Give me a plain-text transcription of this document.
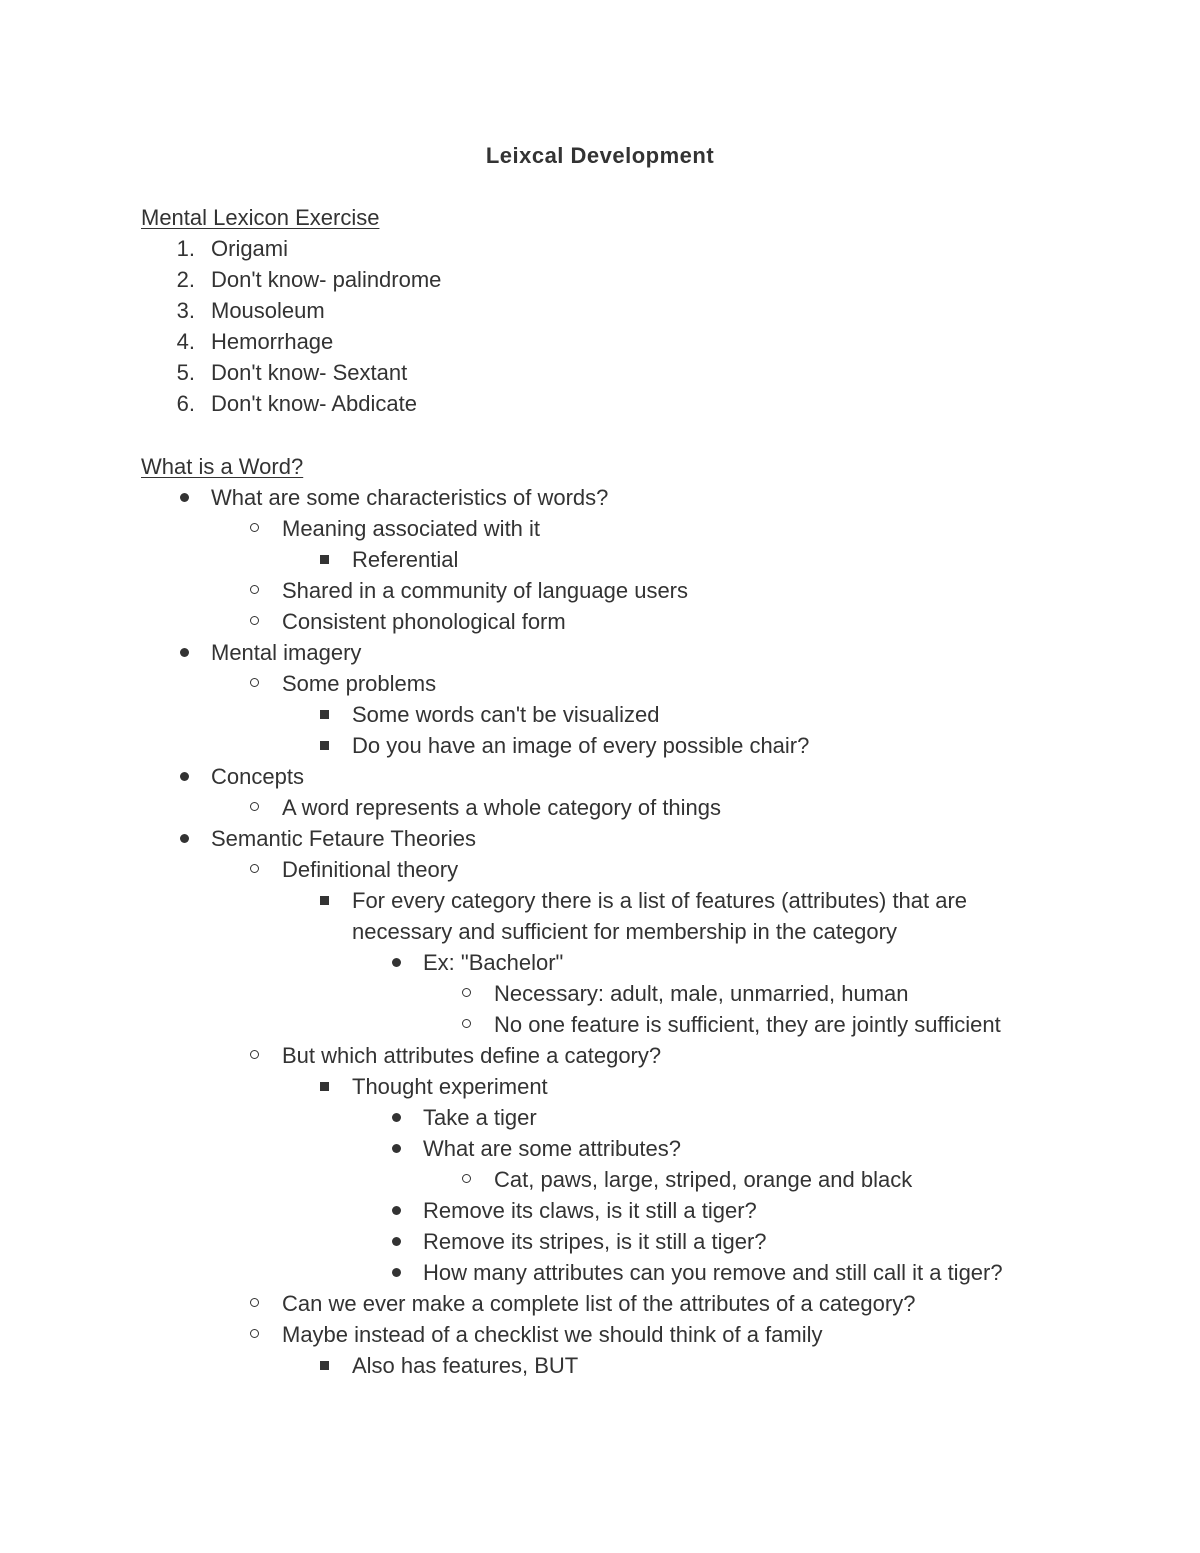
Leixcal Development
Mental Lexicon Exercise
1. Origami
2. Don't know- palindrome
3. Mousoleum
4. Hemorrhage
5. Don't know- Sextant
6. Don't know- Abdicate
What is a Word?
What are some characteristics of words?
Meaning associated with it
Referential
Shared in a community of language users
Consistent phonological form
Mental imagery
Some problems
Some words can't be visualized
Do you have an image of every possible chair?
Concepts
A word represents a whole category of things
Semantic Fetaure Theories
Definitional theory
For every category there is a list of features (attributes) that are
necessary and sufficient for membership in the category
Ex: "Bachelor"
Necessary: adult, male, unmarried, human
No one feature is sufficient, they are jointly sufficient
But which attributes define a category?
Thought experiment
Take a tiger
What are some attributes?
Cat, paws, large, striped, orange and black
Remove its claws, is it still a tiger?
Remove its stripes, is it still a tiger?
How many attributes can you remove and still call it a tiger?
Can we ever make a complete list of the attributes of a category?
Maybe instead of a checklist we should think of a family
Also has features, BUT
